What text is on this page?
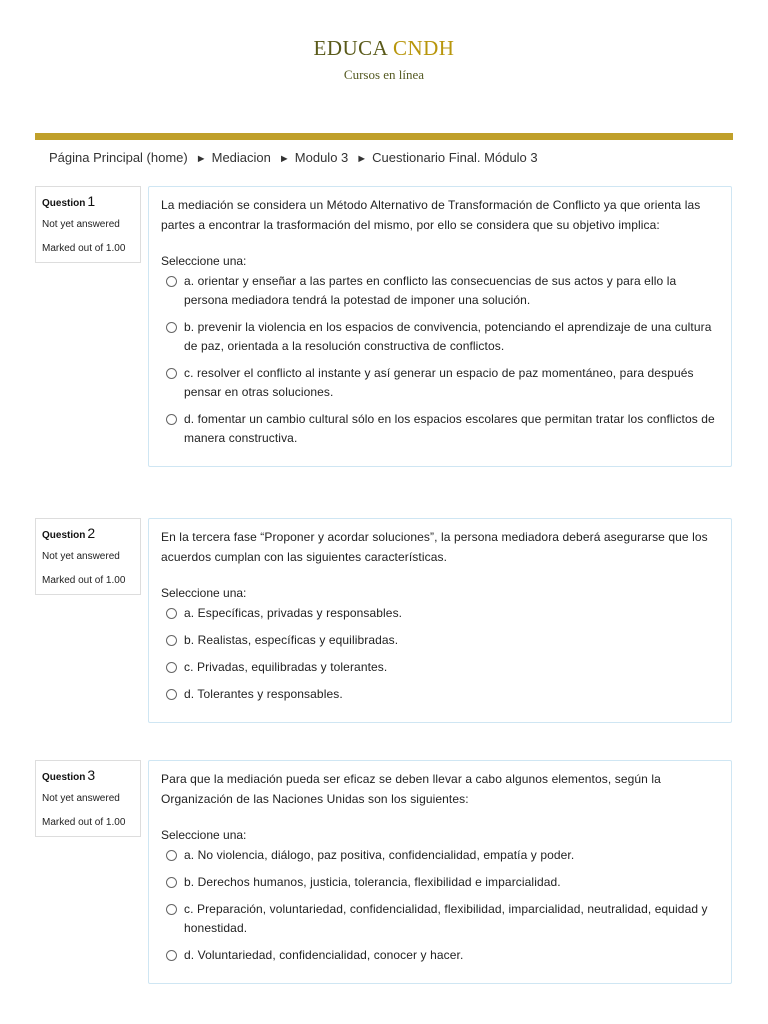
EDUCA CNDH
Cursos en línea
Página Principal (home) ► Mediacion ► Modulo 3 ► Cuestionario Final. Módulo 3
Question 1
Not yet answered
Marked out of 1.00
La mediación se considera un Método Alternativo de Transformación de Conflicto ya que orienta las partes a encontrar la trasformación del mismo, por ello se considera que su objetivo implica:
Seleccione una:
a. orientar y enseñar a las partes en conflicto las consecuencias de sus actos y para ello la persona mediadora tendrá la potestad de imponer una solución.
b. prevenir la violencia en los espacios de convivencia, potenciando el aprendizaje de una cultura de paz, orientada a la resolución constructiva de conflictos.
c. resolver el conflicto al instante y así generar un espacio de paz momentáneo, para después pensar en otras soluciones.
d. fomentar un cambio cultural sólo en los espacios escolares que permitan tratar los conflictos de manera constructiva.
Question 2
Not yet answered
Marked out of 1.00
En la tercera fase “Proponer y acordar soluciones”, la persona mediadora deberá asegurarse que los acuerdos cumplan con las siguientes características.
Seleccione una:
a. Específicas, privadas y responsables.
b. Realistas, específicas y equilibradas.
c. Privadas, equilibradas y tolerantes.
d. Tolerantes y responsables.
Question 3
Not yet answered
Marked out of 1.00
Para que la mediación pueda ser eficaz se deben llevar a cabo algunos elementos, según la Organización de las Naciones Unidas son los siguientes:
Seleccione una:
a. No violencia, diálogo, paz positiva, confidencialidad, empatía y poder.
b. Derechos humanos, justicia, tolerancia, flexibilidad e imparcialidad.
c. Preparación, voluntariedad, confidencialidad, flexibilidad, imparcialidad, neutralidad, equidad y honestidad.
d. Voluntariedad, confidencialidad, conocer y hacer.
